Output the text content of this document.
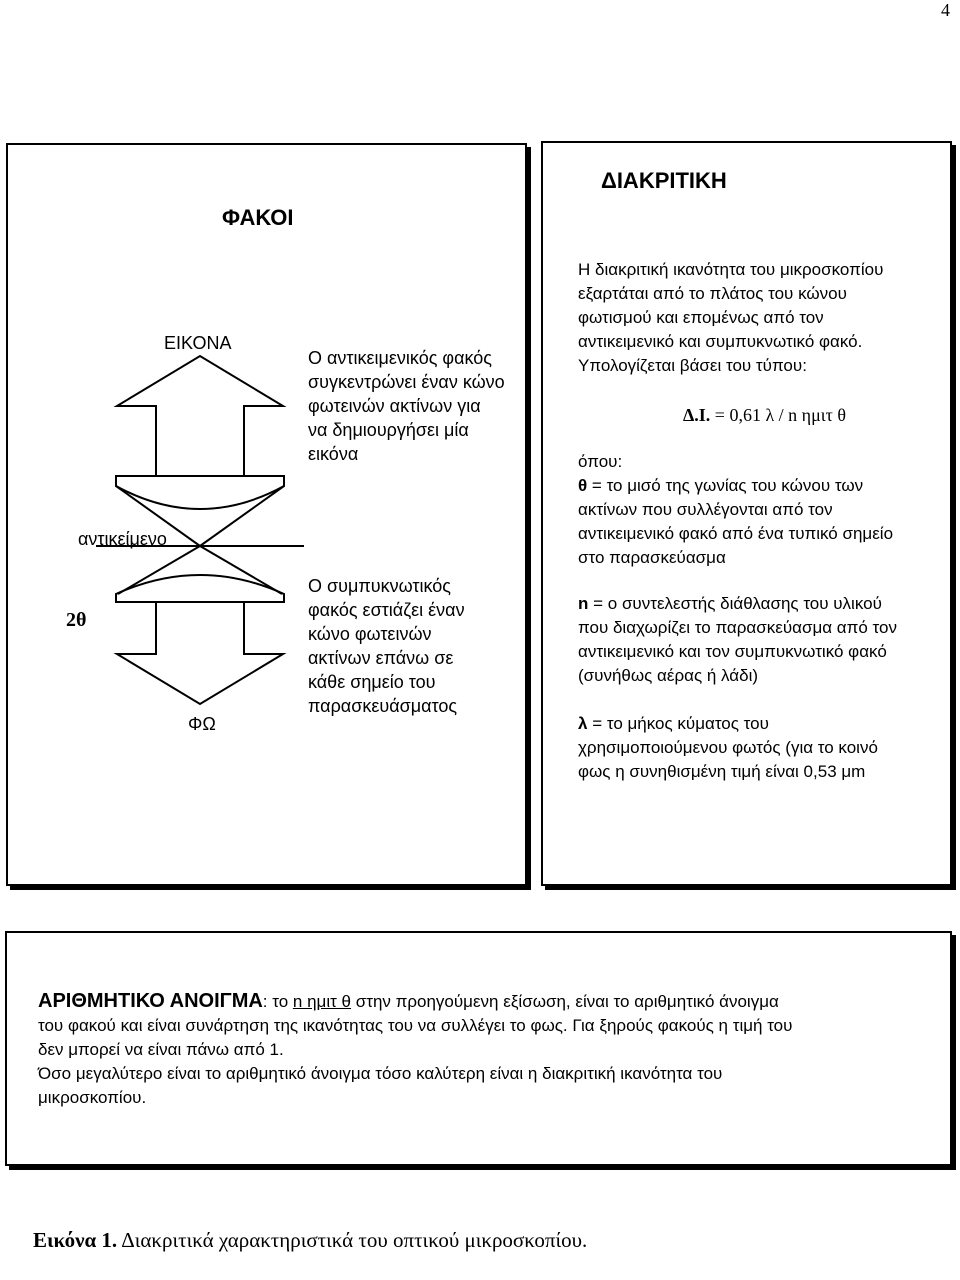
4
ΦΑΚΟΙ
ΕΙΚΟΝΑ
αντικείμενο
2θ
ΦΩ
Ο αντικειμενικός φακός
συγκεντρώνει έναν κώνο
φωτεινών ακτίνων για
να δημιουργήσει μία
εικόνα
Ο συμπυκνωτικός
φακός εστιάζει έναν
κώνο φωτεινών
ακτίνων επάνω σε
κάθε σημείο του
παρασκευάσματος
ΔΙΑΚΡΙΤΙΚΗ
Η διακριτική ικανότητα του μικροσκοπίου
εξαρτάται από το πλάτος του κώνου
φωτισμού και επομένως από τον
αντικειμενικό και συμπυκνωτικό φακό.
Υπολογίζεται βάσει του τύπου:
Δ.Ι. = 0,61 λ / n ημιτ θ
όπου:
θ = το μισό της γωνίας του κώνου των
ακτίνων που συλλέγονται από τον
αντικειμενικό φακό από ένα τυπικό σημείο
στο παρασκεύασμα
n = ο συντελεστής διάθλασης του υλικού
που διαχωρίζει το παρασκεύασμα από τον
αντικειμενικό και τον συμπυκνωτικό φακό
(συνήθως αέρας ή λάδι)
λ = το μήκος κύματος του
χρησιμοποιούμενου φωτός (για το κοινό
φως η συνηθισμένη τιμή είναι 0,53 μm
ΑΡΙΘΜΗΤΙΚΟ ΑΝΟΙΓΜΑ: το n ημιτ θ στην προηγούμενη εξίσωση, είναι το αριθμητικό άνοιγμα
του φακού και είναι συνάρτηση της ικανότητας του να συλλέγει το φως. Για ξηρούς φακούς η τιμή του
δεν μπορεί να είναι πάνω από 1.
Όσο μεγαλύτερο είναι το αριθμητικό άνοιγμα τόσο καλύτερη είναι η διακριτική ικανότητα του
μικροσκοπίου.
Εικόνα 1. Διακριτικά χαρακτηριστικά του οπτικού μικροσκοπίου.
